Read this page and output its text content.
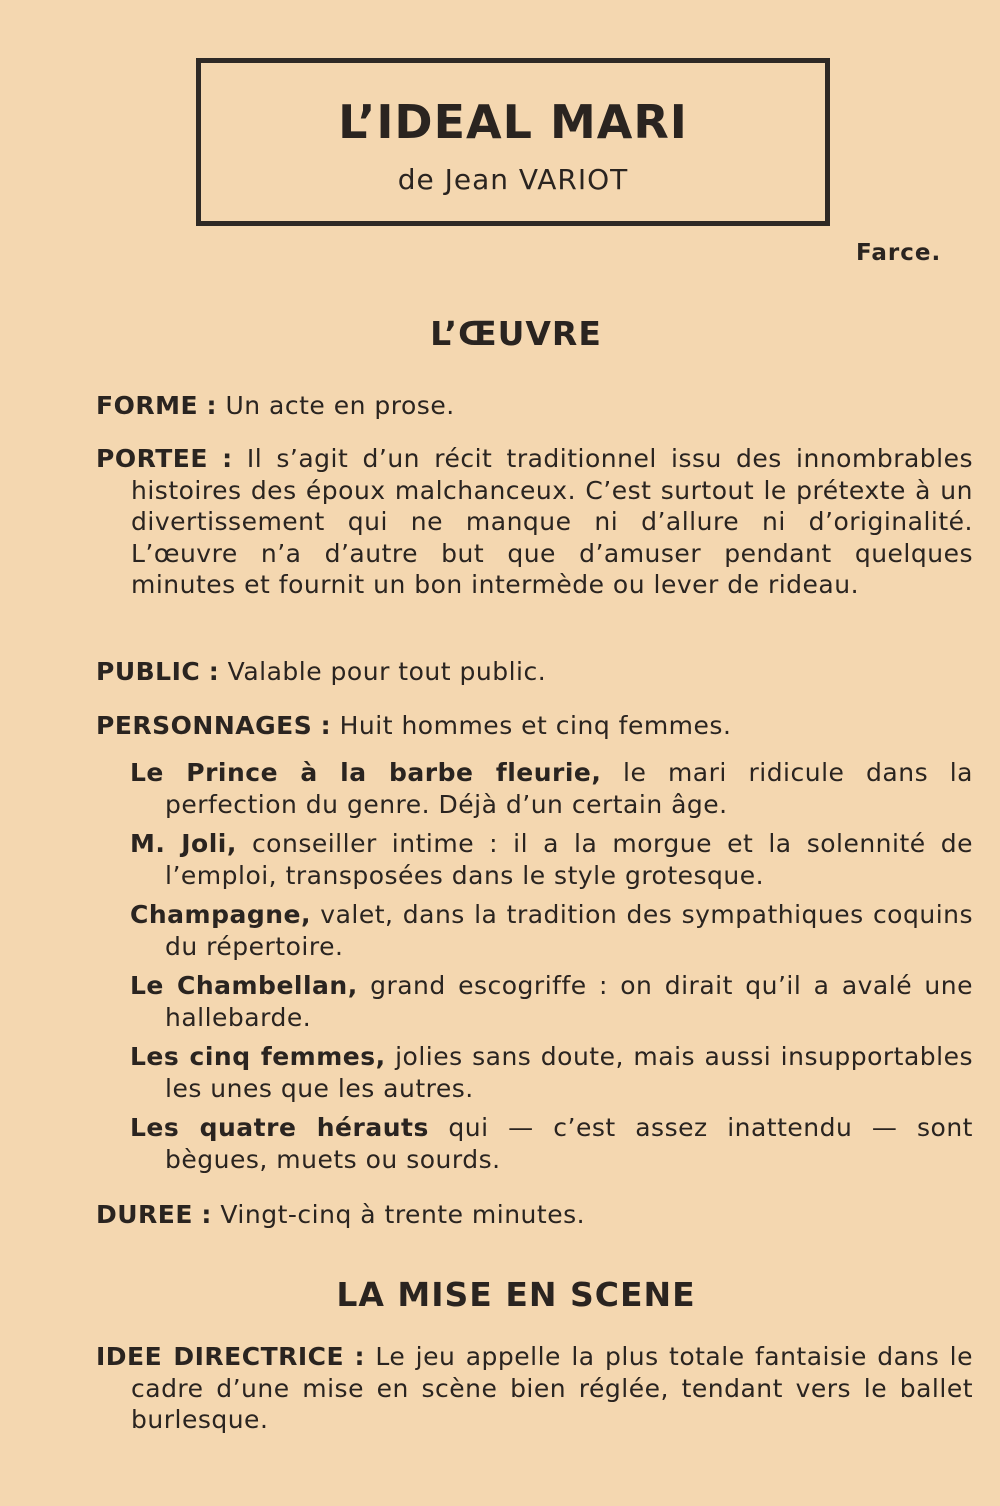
L’IDEAL MARI
de Jean VARIOT
Farce.
L’ŒUVRE
FORME : Un acte en prose.
PORTEE : Il s’agit d’un récit traditionnel issu des innombrables histoires des époux malchanceux. C’est surtout le prétexte à un divertissement qui ne manque ni d’allure ni d’originalité. L’œuvre n’a d’autre but que d’amuser pendant quelques minutes et fournit un bon intermède ou lever de rideau.
PUBLIC : Valable pour tout public.
PERSONNAGES : Huit hommes et cinq femmes.
Le Prince à la barbe fleurie, le mari ridicule dans la perfection du genre. Déjà d’un certain âge.
M. Joli, conseiller intime : il a la morgue et la solennité de l’emploi, transposées dans le style grotesque.
Champagne, valet, dans la tradition des sympathiques coquins du répertoire.
Le Chambellan, grand escogriffe : on dirait qu’il a avalé une hallebarde.
Les cinq femmes, jolies sans doute, mais aussi insupportables les unes que les autres.
Les quatre hérauts qui — c’est assez inattendu — sont bègues, muets ou sourds.
DUREE : Vingt-cinq à trente minutes.
LA MISE EN SCENE
IDEE DIRECTRICE : Le jeu appelle la plus totale fantaisie dans le cadre d’une mise en scène bien réglée, tendant vers le ballet burlesque.
